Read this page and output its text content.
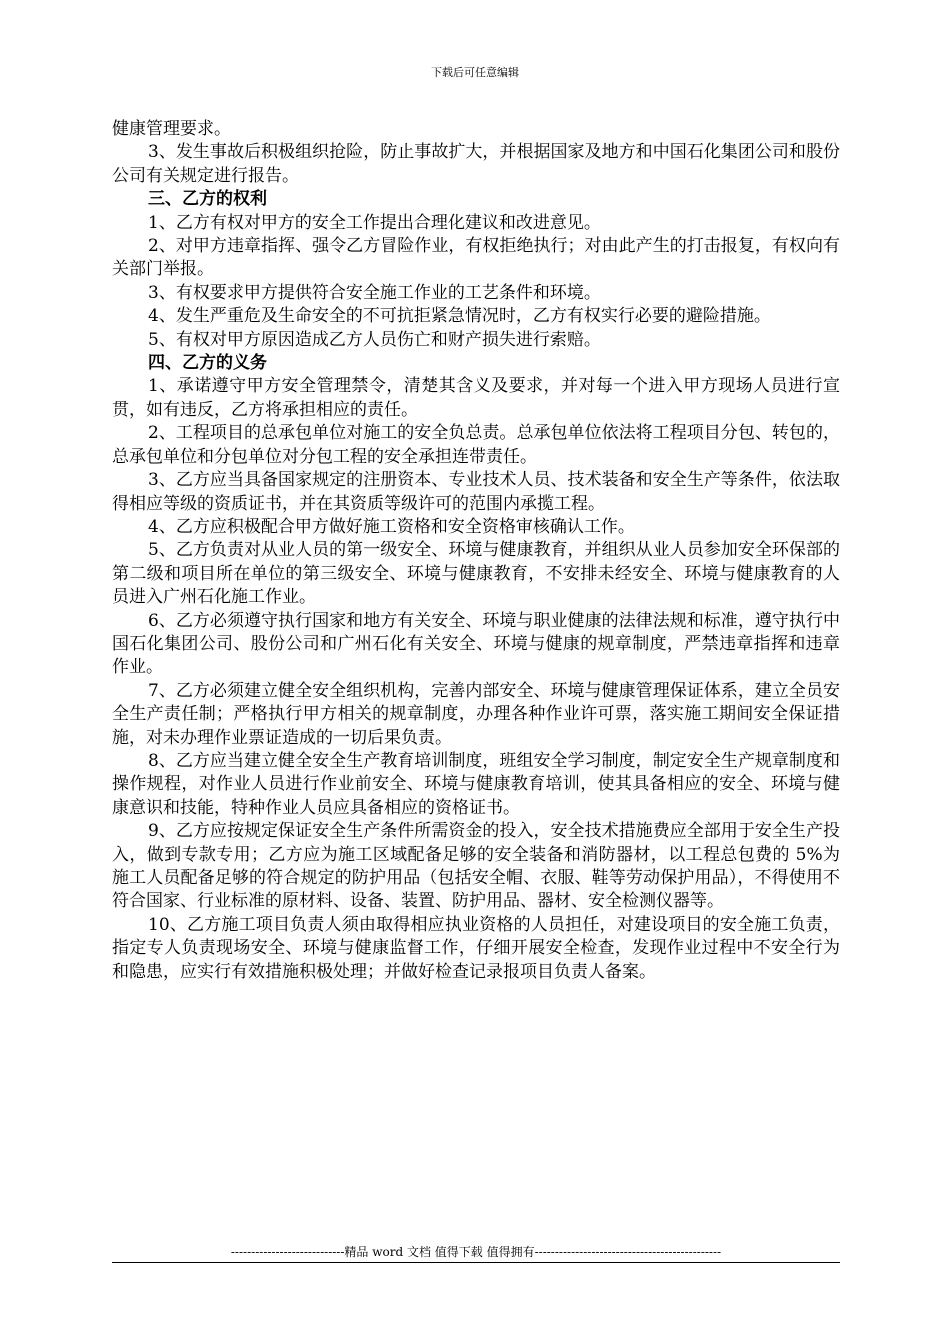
下载后可任意编辑

健康管理要求。

3、发生事故后积极组织抢险，防止事故扩大，并根据国家及地方和中国石化集团公司和股份公司有关规定进行报告。

三、乙方的权利

1、乙方有权对甲方的安全工作提出合理化建议和改进意见。

2、对甲方违章指挥、强令乙方冒险作业，有权拒绝执行；对由此产生的打击报复，有权向有关部门举报。

3、有权要求甲方提供符合安全施工作业的工艺条件和环境。

4、发生严重危及生命安全的不可抗拒紧急情况时，乙方有权实行必要的避险措施。

5、有权对甲方原因造成乙方人员伤亡和财产损失进行索赔。

四、乙方的义务

1、承诺遵守甲方安全管理禁令，清楚其含义及要求，并对每一个进入甲方现场人员进行宣贯，如有违反，乙方将承担相应的责任。

2、工程项目的总承包单位对施工的安全负总责。总承包单位依法将工程项目分包、转包的，总承包单位和分包单位对分包工程的安全承担连带责任。

3、乙方应当具备国家规定的注册资本、专业技术人员、技术装备和安全生产等条件，依法取得相应等级的资质证书，并在其资质等级许可的范围内承揽工程。

4、乙方应积极配合甲方做好施工资格和安全资格审核确认工作。

5、乙方负责对从业人员的第一级安全、环境与健康教育，并组织从业人员参加安全环保部的第二级和项目所在单位的第三级安全、环境与健康教育，不安排未经安全、环境与健康教育的人员进入广州石化施工作业。

6、乙方必须遵守执行国家和地方有关安全、环境与职业健康的法律法规和标准，遵守执行中国石化集团公司、股份公司和广州石化有关安全、环境与健康的规章制度，严禁违章指挥和违章作业。

7、乙方必须建立健全安全组织机构，完善内部安全、环境与健康管理保证体系，建立全员安全生产责任制；严格执行甲方相关的规章制度，办理各种作业许可票，落实施工期间安全保证措施，对未办理作业票证造成的一切后果负责。

8、乙方应当建立健全安全生产教育培训制度，班组安全学习制度，制定安全生产规章制度和操作规程，对作业人员进行作业前安全、环境与健康教育培训，使其具备相应的安全、环境与健康意识和技能，特种作业人员应具备相应的资格证书。

9、乙方应按规定保证安全生产条件所需资金的投入，安全技术措施费应全部用于安全生产投入，做到专款专用；乙方应为施工区域配备足够的安全装备和消防器材，以工程总包费的 5%为施工人员配备足够的符合规定的防护用品（包括安全帽、衣服、鞋等劳动保护用品），不得使用不符合国家、行业标准的原材料、设备、装置、防护用品、器材、安全检测仪器等。

10、乙方施工项目负责人须由取得相应执业资格的人员担任，对建设项目的安全施工负责，指定专人负责现场安全、环境与健康监督工作，仔细开展安全检查，发现作业过程中不安全行为和隐患，应实行有效措施积极处理；并做好检查记录报项目负责人备案。

----------------------------精品 word 文档 值得下载 值得拥有----------------------------------------------
